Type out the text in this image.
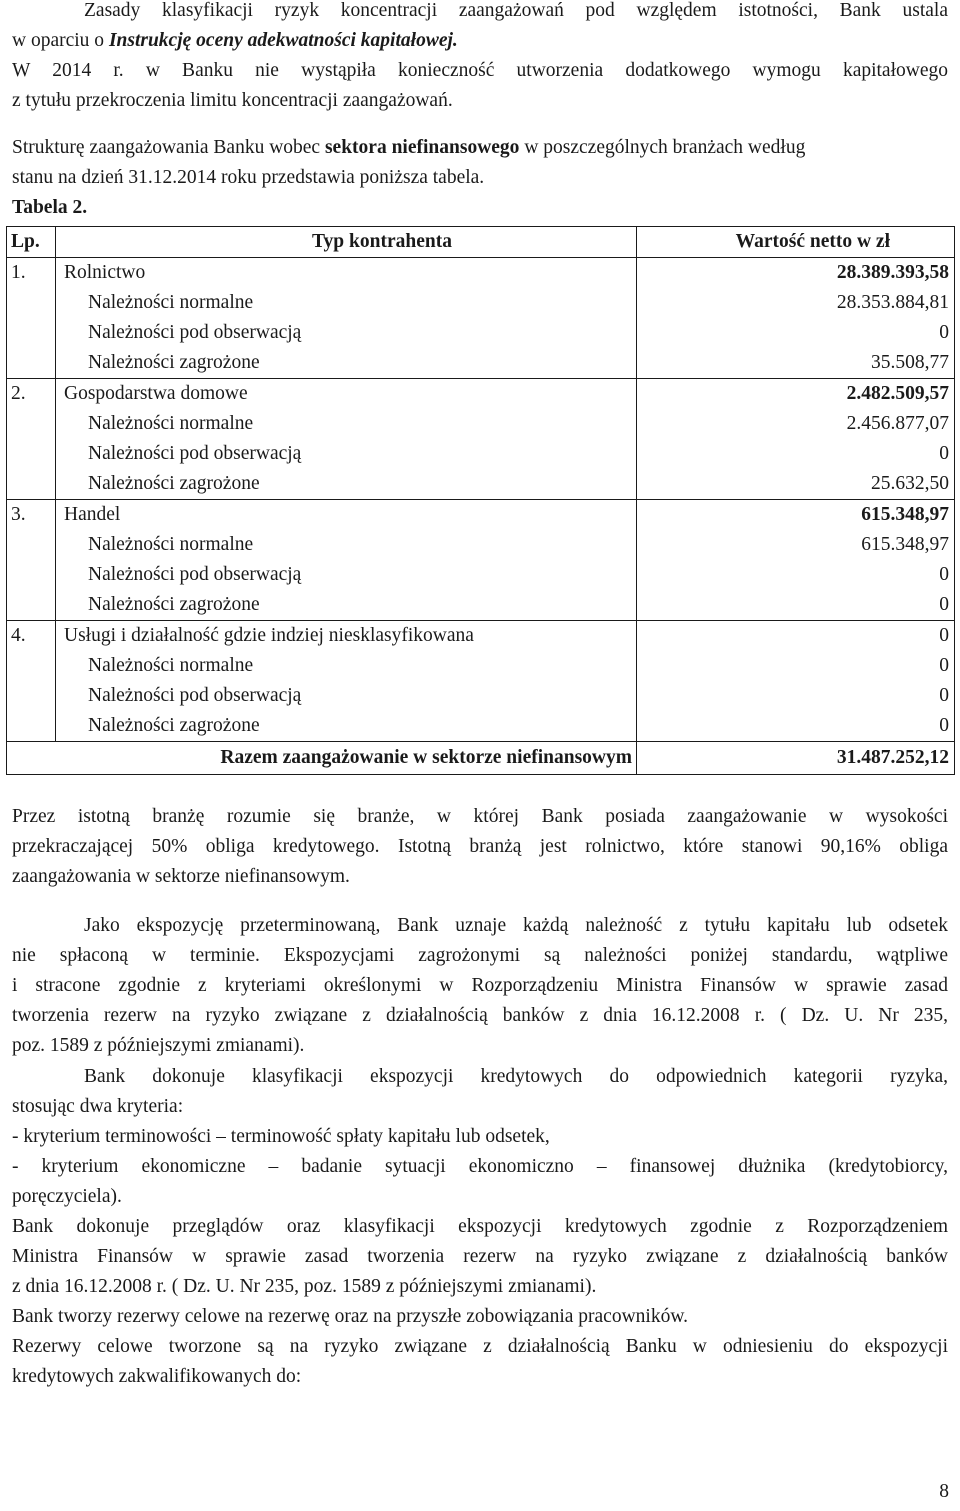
Zasady klasyfikacji ryzyk koncentracji zaangażowań pod względem istotności, Bank ustala
w oparciu o Instrukcję oceny adekwatności kapitałowej.
W 2014 r. w Banku nie wystąpiła konieczność utworzenia dodatkowego wymogu kapitałowego
z tytułu przekroczenia limitu koncentracji zaangażowań.
Strukturę zaangażowania Banku wobec sektora niefinansowego w poszczególnych branżach według
stanu na dzień 31.12.2014 roku przedstawia poniższa tabela.
Tabela 2.
Lp.	Typ kontrahenta	Wartość netto w zł
1.	Rolnictwo	28.389.393,58
	Należności normalne	28.353.884,81
	Należności pod obserwacją	0
	Należności zagrożone	35.508,77
2.	Gospodarstwa domowe	2.482.509,57
	Należności normalne	2.456.877,07
	Należności pod obserwacją	0
	Należności zagrożone	25.632,50
3.	Handel	615.348,97
	Należności normalne	615.348,97
	Należności pod obserwacją	0
	Należności zagrożone	0
4.	Usługi i działalność gdzie indziej niesklasyfikowana	0
	Należności normalne	0
	Należności pod obserwacją	0
	Należności zagrożone	0
Razem zaangażowanie w sektorze niefinansowym		31.487.252,12
Przez istotną branżę rozumie się branże, w której Bank posiada zaangażowanie w wysokości
przekraczającej 50% obliga kredytowego. Istotną branżą jest rolnictwo, które stanowi 90,16% obliga
zaangażowania w sektorze niefinansowym.
Jako ekspozycję przeterminowaną, Bank uznaje każdą należność z tytułu kapitału lub odsetek
nie spłaconą w terminie. Ekspozycjami zagrożonymi są należności poniżej standardu, wątpliwe
i stracone zgodnie z kryteriami określonymi w Rozporządzeniu Ministra Finansów w sprawie zasad
tworzenia rezerw na ryzyko związane z działalnością banków z dnia 16.12.2008 r. ( Dz. U. Nr 235,
poz. 1589 z późniejszymi zmianami).
Bank dokonuje klasyfikacji ekspozycji kredytowych do odpowiednich kategorii ryzyka,
stosując dwa kryteria:
- kryterium terminowości – terminowość spłaty kapitału lub odsetek,
- kryterium ekonomiczne – badanie sytuacji ekonomiczno – finansowej dłużnika (kredytobiorcy,
poręczyciela).
Bank dokonuje przeglądów oraz klasyfikacji ekspozycji kredytowych zgodnie z Rozporządzeniem
Ministra Finansów w sprawie zasad tworzenia rezerw na ryzyko związane z działalnością banków
z dnia 16.12.2008 r. ( Dz. U. Nr 235, poz. 1589 z późniejszymi zmianami).
Bank tworzy rezerwy celowe na rezerwę oraz na przyszłe zobowiązania pracowników.
Rezerwy celowe tworzone są na ryzyko związane z działalnością Banku w odniesieniu do ekspozycji
kredytowych zakwalifikowanych do:
8
